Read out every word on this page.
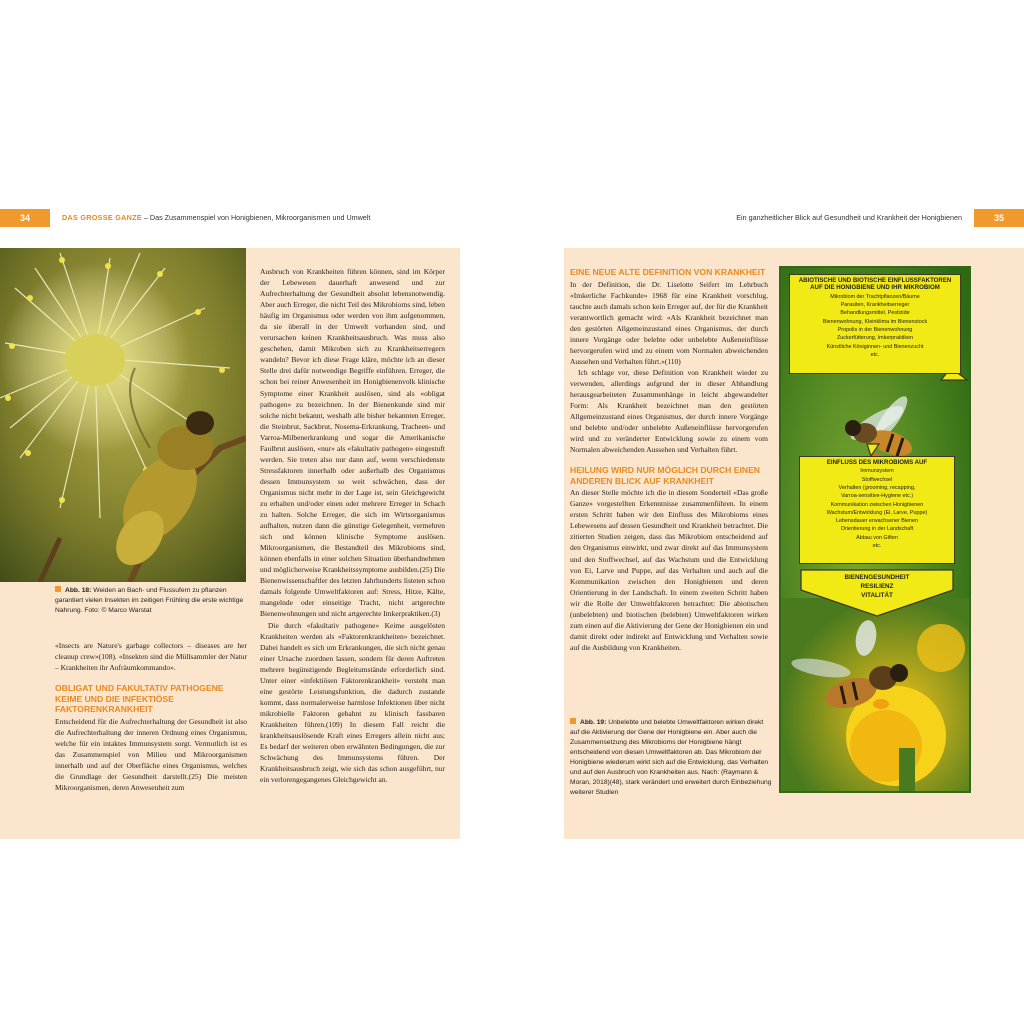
34	DAS GROSSE GANZE – Das Zusammenspiel von Honigbienen, Mikroorganismen und Umwelt	Ein ganzheitlicher Blick auf Gesundheit und Krankheit der Honigbienen	35
Abb. 18: Weiden an Bach- und Flussufern zu pflanzen garantiert vielen Insekten im zeitigen Frühling die erste wichtige Nahrung. Foto: © Marco Warstat

«Insects are Nature's garbage collectors – diseases are her cleanup crew»(108). «Insekten sind die Müllsammler der Natur – Krankheiten ihr Aufräumkommando».

OBLIGAT UND FAKULTATIV PATHOGENE KEIME UND DIE INFEKTIÖSE FAKTORENKRANKHEIT

Entscheidend für die Aufrechterhaltung der Gesundheit ist also die Aufrechterhaltung der inneren Ordnung eines Organismus, welche für ein intaktes Immunsystem sorgt. Vermutlich ist es das Zusammenspiel von Milieu und Mikroorganismen innerhalb und auf der Oberfläche eines Organismus, welches die Grundlage der Gesundheit darstellt.(25) Die meisten Mikroorganismen, deren Anwesenheit zum

Ausbruch von Krankheiten führen können, sind im Körper der Lebewesen dauerhaft anwesend und zur Aufrechterhaltung der Gesundheit absolut lebensnotwendig. Aber auch Erreger, die nicht Teil des Mikrobioms sind, leben häufig im Organismus oder werden von ihm aufgenommen, da sie überall in der Umwelt vorhanden sind, und verursachen keinen Krankheitsausbruch. Was muss also geschehen, damit Mikroben sich zu Krankheitserregern wandeln? Bevor ich diese Frage kläre, möchte ich an dieser Stelle drei dafür notwendige Begriffe einführen. Erreger, die schon bei reiner Anwesenheit im Honigbienenvolk klinische Symptome einer Krankheit auslösen, sind als «obligat pathogen» zu bezeichnen. In der Bienenkunde sind mir solche nicht bekannt, weshalb alle bisher bekannten Erreger, die Steinbrut, Sackbrut, Nosema-Erkrankung, Tracheen- und Varroa-Milbenerkrankung und sogar die Amerikanische Faulbrut auslösen, «nur» als «fakultativ pathogen» eingestuft werden. Sie treten also nur dann auf, wenn verschiedenste Stressfaktoren innerhalb oder außerhalb des Organismus dessen Immunsystem so weit schwächen, dass der Organismus nicht mehr in der Lage ist, sein Gleichgewicht zu erhalten und/oder einen oder mehrere Erreger in Schach zu halten. Solche Erreger, die sich im Wirtsorganismus aufhalten, nutzen dann die günstige Gelegenheit, vermehren sich und können klinische Symptome auslösen. Mikroorganismen, die Bestandteil des Mikrobioms sind, können ebenfalls in einer solchen Situation überhandnehmen und möglicherweise Krankheitssymptome ausbilden.(25) Die Bienenwissenschaftler des letzten Jahrhunderts listeten schon damals folgende Umweltfaktoren auf: Stress, Hitze, Kälte, mangelnde oder einseitige Tracht, nicht artgerechte Bienenwohnungen und nicht artgerechte Imkerpraktiken.(3)

Die durch «fakultativ pathogene» Keime ausgelösten Krankheiten werden als «Faktorenkrankheiten» bezeichnet. Dabei handelt es sich um Erkrankungen, die sich nicht genau einer Ursache zuordnen lassen, sondern für deren Auftreten mehrere begünstigende Begleitumstände erforderlich sind. Unter einer «infektiösen Faktorenkrankheit» versteht man eine gestörte Leistungsfunktion, die dadurch zustande kommt, dass normalerweise harmlose Infektionen über nicht mikrobielle Faktoren gebahnt zu klinisch fassbaren Krankheiten führen.(109) In diesem Fall reicht die krankheitsauslösende Kraft eines Erregers allein nicht aus; Es bedarf der weiteren oben erwähnten Bedingungen, die zur Schwächung des Immunsystems führen. Der Krankheitsausbruch zeigt, wie sich das schon ausgeführt, nur ein verlorengegangenes Gleichgewicht an.

EINE NEUE ALTE DEFINITION VON KRANKHEIT

In der Definition, die Dr. Liselotte Seifert im Lehrbuch «Imkerliche Fachkunde» 1968 für eine Krankheit vorschlug, tauchte auch damals schon kein Erreger auf, der für die Krankheit verantwortlich gemacht wird: «Als Krankheit bezeichnet man den gestörten Allgemeinzustand eines Organismus, der durch innere Vorgänge oder belebte oder unbelebte Außeneinflüsse hervorgerufen wird und zu einem vom Normalen abweichenden Aussehen und Verhalten führt.»(110)

Ich schlage vor, diese Definition von Krankheit wieder zu verwenden, allerdings aufgrund der in dieser Abhandlung herausgearbeiteten Zusammenhänge in leicht abgewandelter Form: Als Krankheit bezeichnet man den gestörten Allgemeinzustand eines Organismus, der durch innere Vorgänge und belebte und/oder unbelebte Außeneinflüsse hervorgerufen wird und zu veränderter Entwicklung sowie zu einem vom Normalen abweichenden Aussehen und Verhalten führt.

HEILUNG WIRD NUR MÖGLICH DURCH EINEN ANDEREN BLICK AUF KRANKHEIT

An dieser Stelle möchte ich die in diesem Sonderteil «Das große Ganze» vorgestellten Erkenntnisse zusammenführen. In einem ersten Schritt haben wir den Einfluss des Mikrobioms eines Lebewesens auf dessen Gesundheit und Krankheit betrachtet. Die zitierten Studien zeigen, dass das Mikrobiom entscheidend auf den Organismus einwirkt, und zwar direkt auf das Immunsystem und den Stoffwechsel, auf das Wachstum und die Entwicklung von Ei, Larve und Puppe, auf das Verhalten und auch auf die Kommunikation zwischen den Honigbienen und deren Orientierung in der Landschaft. In einem zweiten Schritt haben wir die Rolle der Umweltfaktoren betrachtet: Die abiotischen (unbelebten) und biotischen (belebten) Umweltfaktoren wirken zum einen auf die Aktivierung der Gene der Honigbienen ein und damit direkt oder indirekt auf Entwicklung und Verhalten sowie auf die Ausbildung von Krankheiten.

Abb. 19: Unbelebte und belebte Umweltfaktoren wirken direkt auf die Aktivierung der Gene der Honigbiene ein. Aber auch die Zusammensetzung des Mikrobioms der Honigbiene hängt entscheidend von diesen Umweltfaktoren ab. Das Mikrobiom der Honigbiene wiederum wirkt sich auf die Entwicklung, das Verhalten und auf den Ausbruch von Krankheiten aus. Nach: (Raymann & Moran, 2018)(48), stark verändert und erweitert durch Einbeziehung weiterer Studien
ABIOTISCHE UND BIOTISCHE EINFLUSSFAKTOREN AUF DIE HONIGBIENE UND IHR MIKROBIOM
Mikrobiom der Trachtpflanzen/Bäume
Parasiten, Krankheitserreger
Behandlungsmittel, Pestizide
Bienenwohnung, Kleinklima im Bienenstock
Propolis in der Bienenwohnung
Zuckerfütterung, Imkerpraktiken
Künstliche Königinnen- und Bienenzucht
etc.
EINFLUSS DES MIKROBIOMS AUF
Immunsystem
Stoffwechsel
Verhalten (grooming, recapping,
Varroa-sensitive-Hygiene etc.)
Kommunikation zwischen Honigbienen
Wachstum/Entwicklung (Ei, Larve, Puppe)
Lebensdauer erwachsener Bienen
Orientierung in der Landschaft
Abbau von Giften
etc.
BIENENGESUNDHEIT
RESILIENZ
VITALITÄT
